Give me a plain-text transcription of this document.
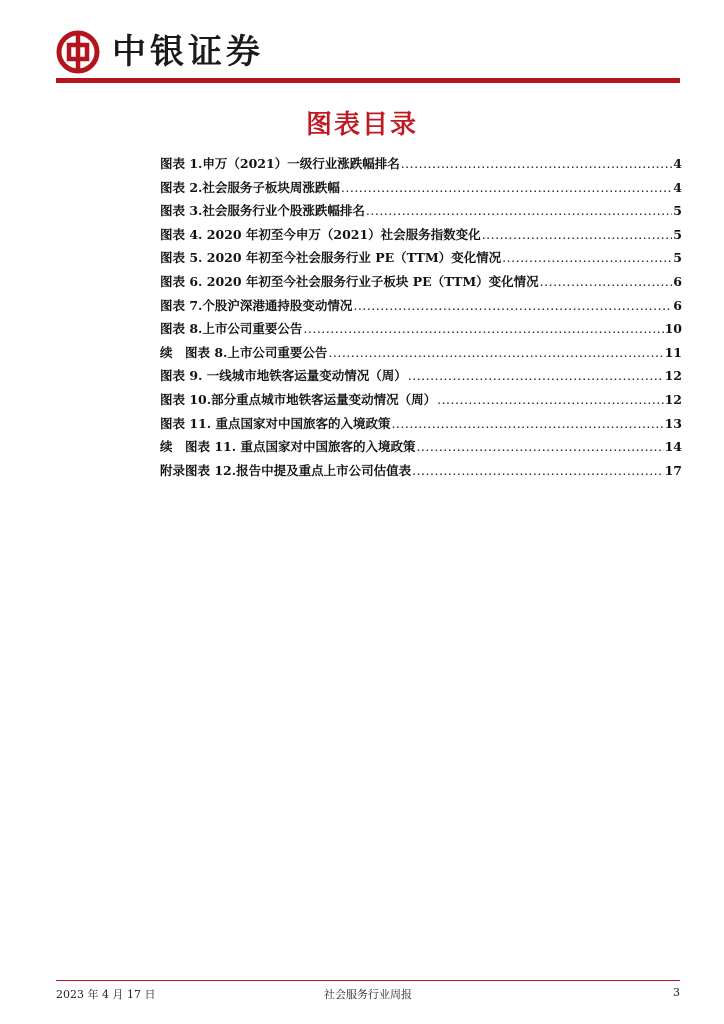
中银证券
图表目录
图表 1.申万（2021）一级行业涨跌幅排名 .....	4
图表 2.社会服务子板块周涨跌幅 .....	4
图表 3.社会服务行业个股涨跌幅排名 .....	5
图表 4. 2020 年初至今申万（2021）社会服务指数变化 .....	5
图表 5. 2020 年初至今社会服务行业 PE（TTM）变化情况 .....	5
图表 6. 2020 年初至今社会服务行业子板块 PE（TTM）变化情况 .....	6
图表 7.个股沪深港通持股变动情况 .....	6
图表 8.上市公司重要公告 .....	10
续　图表 8.上市公司重要公告 .....	11
图表 9. 一线城市地铁客运量变动情况（周） .....	12
图表 10.部分重点城市地铁客运量变动情况（周） .....	12
图表 11. 重点国家对中国旅客的入境政策 .....	13
续　图表 11. 重点国家对中国旅客的入境政策 .....	14
附录图表 12.报告中提及重点上市公司估值表 .....	17
2023 年 4 月 17 日	社会服务行业周报	3
